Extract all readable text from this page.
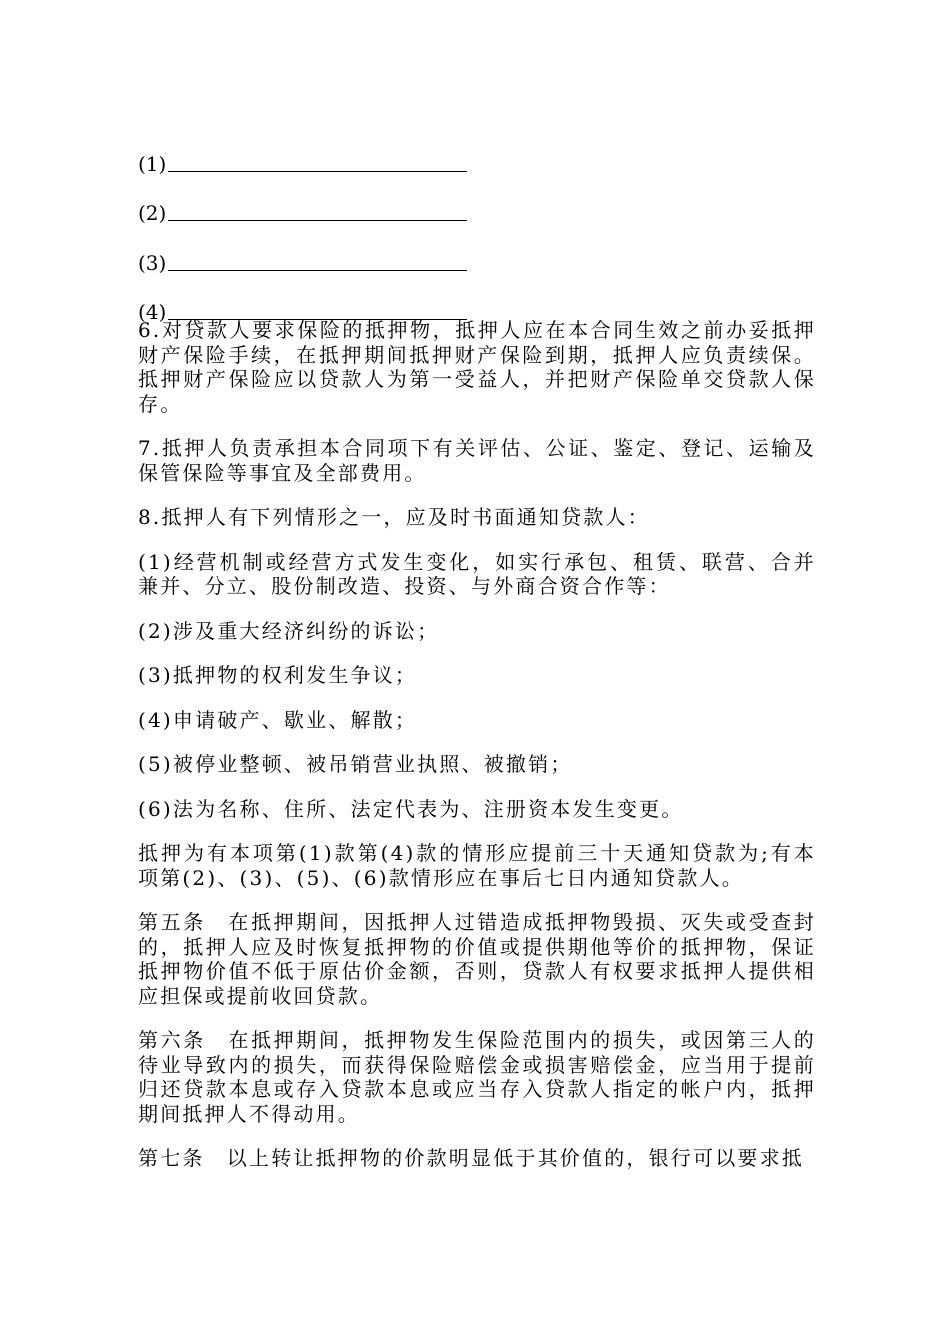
(1)
(2)
(3)
(4)

6.对贷款人要求保险的抵押物，抵押人应在本合同生效之前办妥抵押财产保险手续，在抵押期间抵押财产保险到期，抵押人应负责续保。抵押财产保险应以贷款人为第一受益人，并把财产保险单交贷款人保存。

7.抵押人负责承担本合同项下有关评估、公证、鉴定、登记、运输及保管保险等事宜及全部费用。

8.抵押人有下列情形之一，应及时书面通知贷款人：

(1)经营机制或经营方式发生变化，如实行承包、租赁、联营、合并兼并、分立、股份制改造、投资、与外商合资合作等：

(2)涉及重大经济纠纷的诉讼；

(3)抵押物的权利发生争议；

(4)申请破产、歇业、解散；

(5)被停业整顿、被吊销营业执照、被撤销；

(6)法为名称、住所、法定代表为、注册资本发生变更。

抵押为有本项第(1)款第(4)款的情形应提前三十天通知贷款为;有本项第(2)、(3)、(5)、(6)款情形应在事后七日内通知贷款人。

第五条　在抵押期间，因抵押人过错造成抵押物毁损、灭失或受查封的，抵押人应及时恢复抵押物的价值或提供期他等价的抵押物，保证抵押物价值不低于原估价金额，否则，贷款人有权要求抵押人提供相应担保或提前收回贷款。

第六条　在抵押期间，抵押物发生保险范围内的损失，或因第三人的待业导致内的损失，而获得保险赔偿金或损害赔偿金，应当用于提前归还贷款本息或存入贷款本息或应当存入贷款人指定的帐户内，抵押期间抵押人不得动用。

第七条　以上转让抵押物的价款明显低于其价值的，银行可以要求抵
